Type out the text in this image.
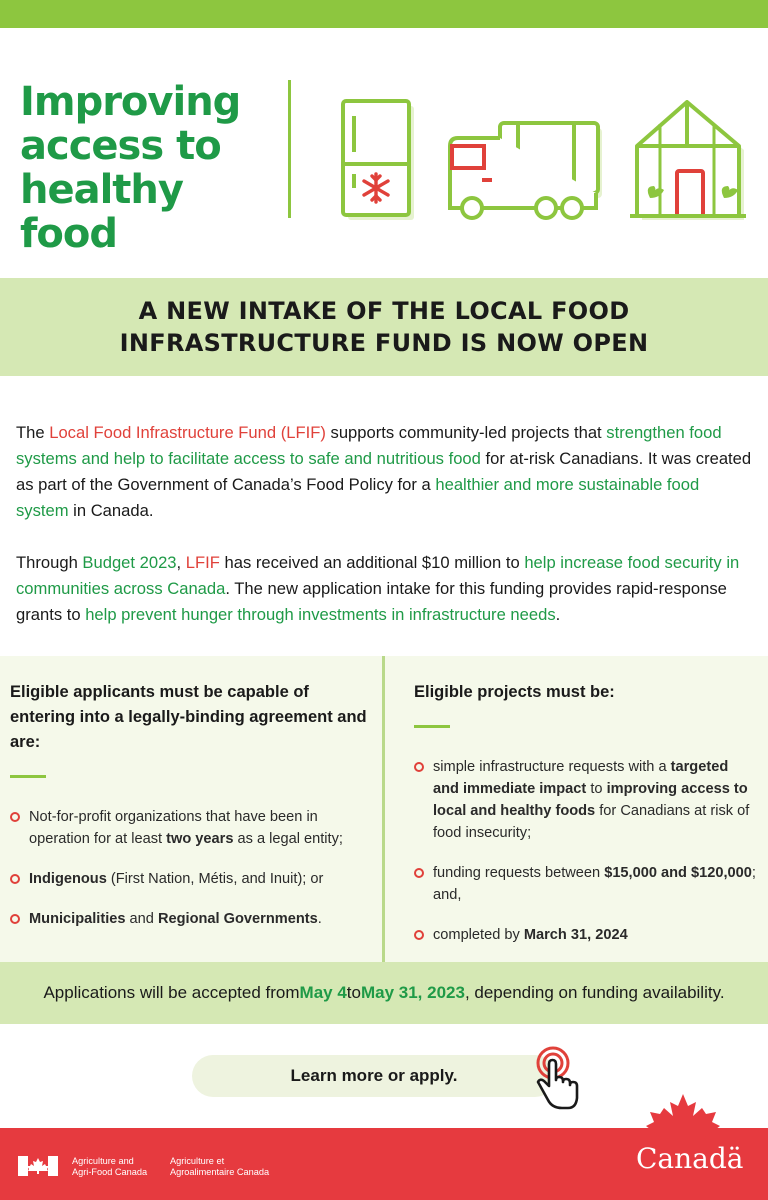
Improving
access to
healthy food
A NEW INTAKE OF THE LOCAL FOOD INFRASTRUCTURE FUND IS NOW OPEN

The Local Food Infrastructure Fund (LFIF) supports community-led projects that strengthen food systems and help to facilitate access to safe and nutritious food for at-risk Canadians. It was created as part of the Government of Canada’s Food Policy for a healthier and more sustainable food system in Canada.

Through Budget 2023, LFIF has received an additional $10 million to help increase food security in communities across Canada. The new application intake for this funding provides rapid-response grants to help prevent hunger through investments in infrastructure needs.

Eligible applicants must be capable of entering into a legally-binding agreement and are:
Not-for-profit organizations that have been in operation for at least two years as a legal entity;
Indigenous (First Nation, Métis, and Inuit); or
Municipalities and Regional Governments.
Eligible projects must be:
simple infrastructure requests with a targeted and immediate impact to improving access to local and healthy foods for Canadians at risk of food insecurity;
funding requests between $15,000 and $120,000; and,
completed by March 31, 2024
Applications will be accepted from May 4 to May 31, 2023 , depending on funding availability.
Learn more or apply.
Agriculture and
Agri-Food Canada
Agriculture et
Agroalimentaire Canada	Canadä
